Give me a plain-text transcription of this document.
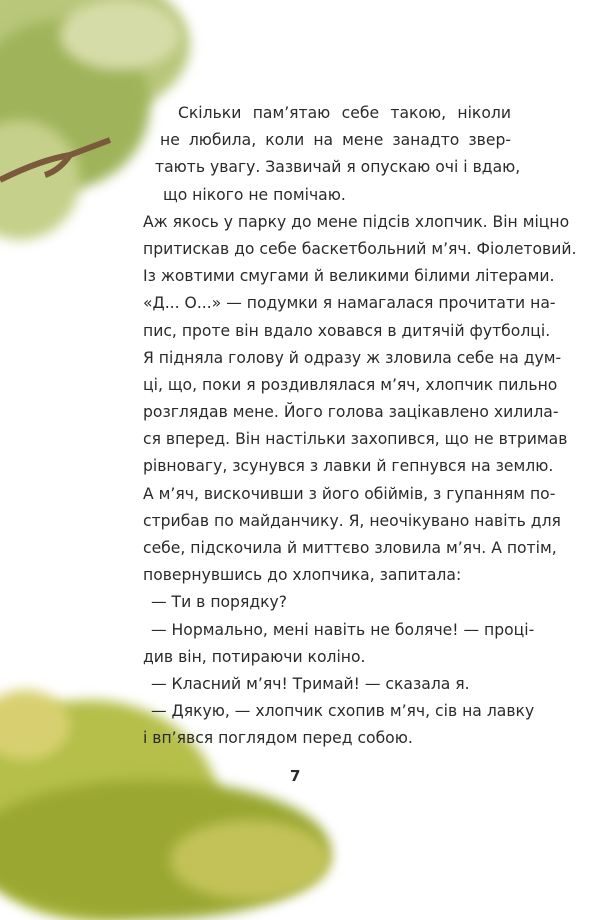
Скільки пам’ятаю себе такою, ніколи
не любила, коли на мене занадто звер-
тають увагу. Зазвичай я опускаю очі і вдаю,
що нікого не помічаю.
Аж якось у парку до мене підсів хлопчик. Він міцно
притискав до себе баскетбольний м’яч. Фіолетовий.
Із жовтими смугами й великими білими літерами.
«Д... О...» — подумки я намагалася прочитати на-
пис, проте він вдало ховався в дитячій футболці.
Я підняла голову й одразу ж зловила себе на дум-
ці, що, поки я роздивлялася м’яч, хлопчик пильно
розглядав мене. Його голова зацікавлено хилила-
ся вперед. Він настільки захопився, що не втримав
рівновагу, зсунувся з лавки й гепнувся на землю.
А м’яч, вискочивши з його обіймів, з гупанням по-
стрибав по майданчику. Я, неочікувано навіть для
себе, підскочила й миттєво зловила м’яч. А потім,
повернувшись до хлопчика, запитала:
— Ти в порядку?
— Нормально, мені навіть не боляче! — проці-
див він, потираючи коліно.
— Класний м’яч! Тримай! — сказала я.
— Дякую, — хлопчик схопив м’яч, сів на лавку
і вп’явся поглядом перед собою.
7
